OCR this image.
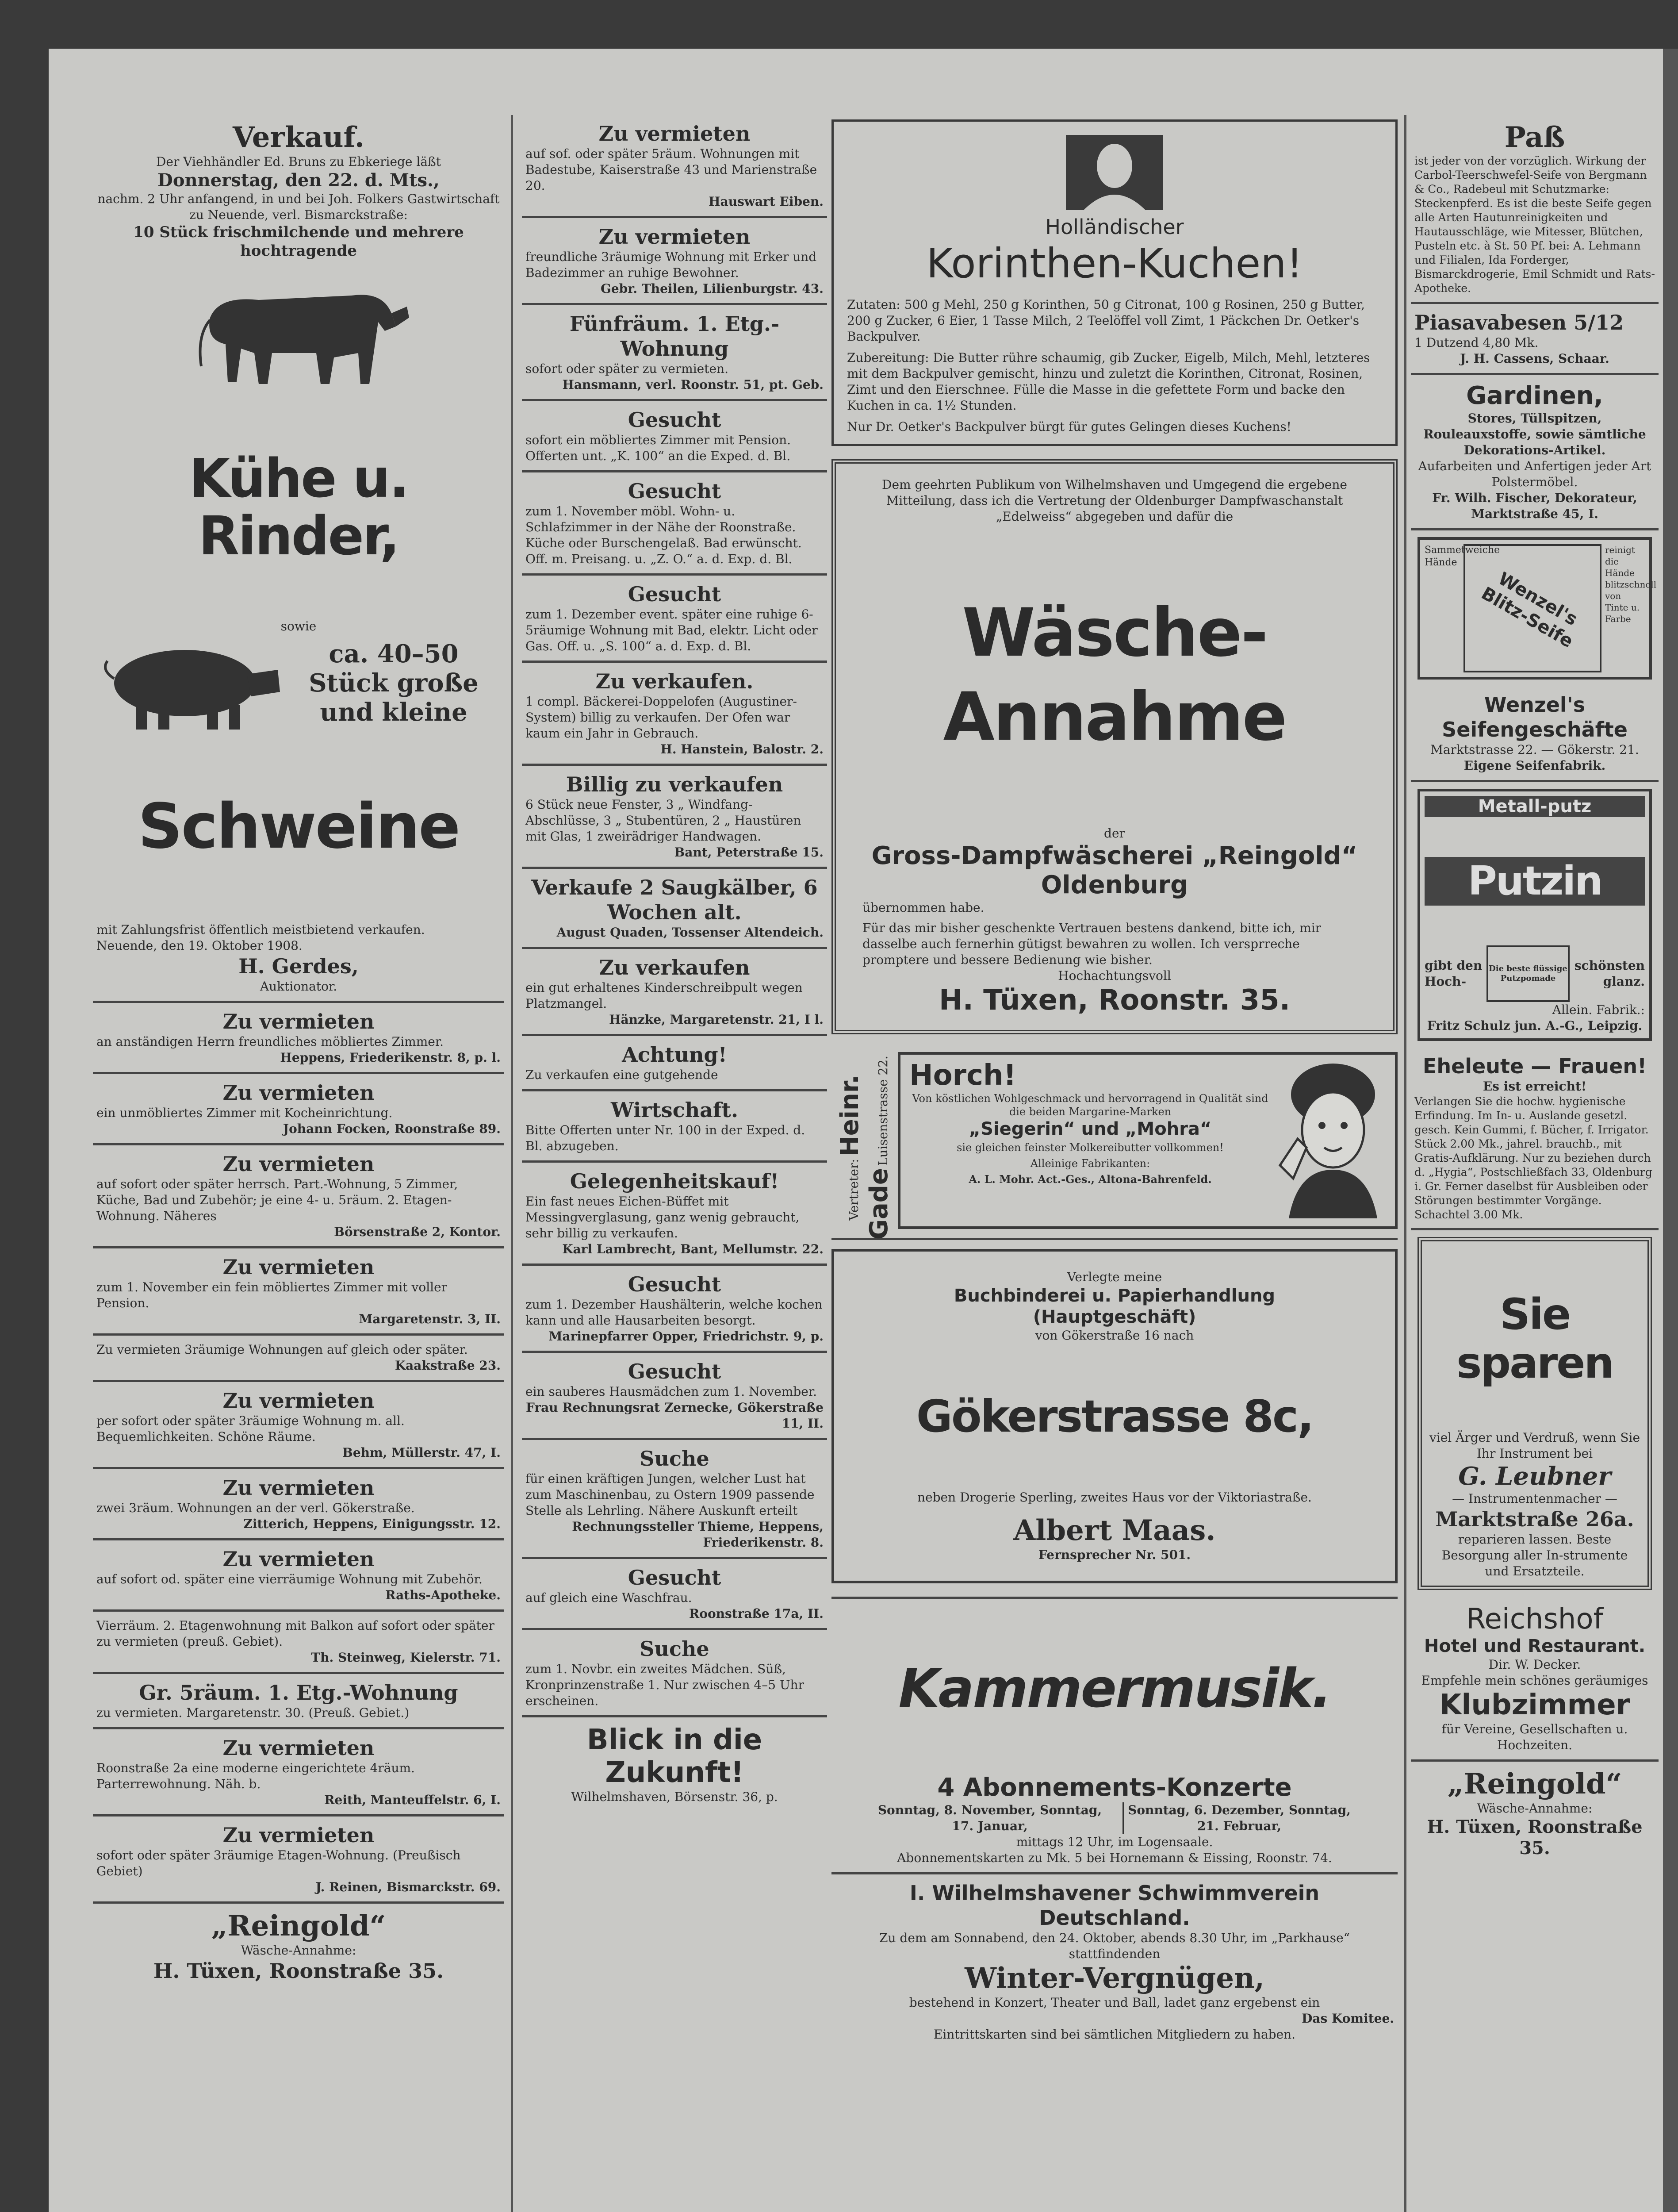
Verkauf.

Der Viehhändler Ed. Bruns zu Ebkeriege läßt

Donnerstag, den 22. d. Mts.,

nachm. 2 Uhr anfangend, in und bei Joh. Folkers Gastwirtschaft zu Neuende, verl. Bismarckstraße:

10 Stück frischmilchende und mehrere hochtragende

Kühe u. Rinder,

sowie

ca. 40–50 Stück große und kleine

Schweine

mit Zahlungsfrist öffentlich meistbietend verkaufen.

Neuende, den 19. Oktober 1908.

H. Gerdes,

Auktionator.

Zu vermieten

an anständigen Herrn freundliches möbliertes Zimmer.

Heppens, Friederikenstr. 8, p. l.

Zu vermieten

ein unmöbliertes Zimmer mit Kocheinrichtung.

Johann Focken, Roonstraße 89.

Zu vermieten

auf sofort oder später herrsch. Part.-Wohnung, 5 Zimmer, Küche, Bad und Zubehör; je eine 4- u. 5räum. 2. Etagen-Wohnung. Näheres

Börsenstraße 2, Kontor.

Zu vermieten

zum 1. November ein fein möbliertes Zimmer mit voller Pension.

Margaretenstr. 3, II.

Zu vermieten 3räumige Wohnungen auf gleich oder später.

Kaakstraße 23.

Zu vermieten

per sofort oder später 3räumige Wohnung m. all. Bequemlichkeiten. Schöne Räume.

Behm, Müllerstr. 47, I.

Zu vermieten

zwei 3räum. Wohnungen an der verl. Gökerstraße.

Zitterich, Heppens, Einigungsstr. 12.

Zu vermieten

auf sofort od. später eine vierräumige Wohnung mit Zubehör.

Raths-Apotheke.

Vierräum. 2. Etagenwohnung mit Balkon auf sofort oder später zu vermieten (preuß. Gebiet).

Th. Steinweg, Kielerstr. 71.

Gr. 5räum. 1. Etg.-Wohnung

zu vermieten. Margaretenstr. 30. (Preuß. Gebiet.)

Zu vermieten

Roonstraße 2a eine moderne eingerichtete 4räum. Parterrewohnung. Näh. b.

Reith, Manteuffelstr. 6, I.

Zu vermieten

sofort oder später 3räumige Etagen-Wohnung. (Preußisch Gebiet)

J. Reinen, Bismarckstr. 69.

„Reingold“

Wäsche-Annahme:

H. Tüxen, Roonstraße 35.

Zu vermieten

auf sof. oder später 5räum. Wohnungen mit Badestube, Kaiserstraße 43 und Marienstraße 20.

Hauswart Eiben.

Zu vermieten

freundliche 3räumige Wohnung mit Erker und Badezimmer an ruhige Bewohner.

Gebr. Theilen, Lilienburgstr. 43.

Fünfräum. 1. Etg.-Wohnung

sofort oder später zu vermieten.

Hansmann, verl. Roonstr. 51, pt. Geb.

Gesucht

sofort ein möbliertes Zimmer mit Pension. Offerten unt. „K. 100“ an die Exped. d. Bl.

Gesucht

zum 1. November möbl. Wohn- u. Schlafzimmer in der Nähe der Roonstraße. Küche oder Burschengelaß. Bad erwünscht. Off. m. Preisang. u. „Z. O.“ a. d. Exp. d. Bl.

Gesucht

zum 1. Dezember event. später eine ruhige 6-5räumige Wohnung mit Bad, elektr. Licht oder Gas. Off. u. „S. 100“ a. d. Exp. d. Bl.

Zu verkaufen.

1 compl. Bäckerei-Doppelofen (Augustiner-System) billig zu verkaufen. Der Ofen war kaum ein Jahr in Gebrauch.

H. Hanstein, Balostr. 2.

Billig zu verkaufen

6 Stück neue Fenster, 3 „ Windfang-Abschlüsse, 3 „ Stubentüren, 2 „ Haustüren mit Glas, 1 zweirädriger Handwagen.

Bant, Peterstraße 15.

Verkaufe 2 Saugkälber, 6 Wochen alt.

August Quaden, Tossenser Altendeich.

Zu verkaufen

ein gut erhaltenes Kinderschreibpult wegen Platzmangel.

Hänzke, Margaretenstr. 21, I l.

Achtung!

Zu verkaufen eine gutgehende

Wirtschaft.

Bitte Offerten unter Nr. 100 in der Exped. d. Bl. abzugeben.

Gelegenheitskauf!

Ein fast neues Eichen-Büffet mit Messingverglasung, ganz wenig gebraucht, sehr billig zu verkaufen.

Karl Lambrecht, Bant, Mellumstr. 22.

Gesucht

zum 1. Dezember Haushälterin, welche kochen kann und alle Hausarbeiten besorgt.

Marinepfarrer Opper, Friedrichstr. 9, p.

Gesucht

ein sauberes Hausmädchen zum 1. November.

Frau Rechnungsrat Zernecke, Gökerstraße 11, II.

Suche

für einen kräftigen Jungen, welcher Lust hat zum Maschinenbau, zu Ostern 1909 passende Stelle als Lehrling. Nähere Auskunft erteilt

Rechnungssteller Thieme, Heppens, Friederikenstr. 8.

Gesucht

auf gleich eine Waschfrau.

Roonstraße 17a, II.

Suche

zum 1. Novbr. ein zweites Mädchen. Süß, Kronprinzenstraße 1. Nur zwischen 4–5 Uhr erscheinen.

Blick in die Zukunft!

Wilhelmshaven, Börsenstr. 36, p.

Holländischer

Korinthen-Kuchen!

Zutaten: 500 g Mehl, 250 g Korinthen, 50 g Citronat, 100 g Rosinen, 250 g Butter, 200 g Zucker, 6 Eier, 1 Tasse Milch, 2 Teelöffel voll Zimt, 1 Päckchen Dr. Oetker's Backpulver.

Zubereitung: Die Butter rühre schaumig, gib Zucker, Eigelb, Milch, Mehl, letzteres mit dem Backpulver gemischt, hinzu und zuletzt die Korinthen, Citronat, Rosinen, Zimt und den Eierschnee. Fülle die Masse in die gefettete Form und backe den Kuchen in ca. 1½ Stunden.

Nur Dr. Oetker's Backpulver bürgt für gutes Gelingen dieses Kuchens!

Dem geehrten Publikum von Wilhelmshaven und Umgegend die ergebene Mitteilung, dass ich die Vertretung der Oldenburger Dampfwaschanstalt „Edelweiss“ abgegeben und dafür die

Wäsche-Annahme

der

Gross-Dampfwäscherei „Reingold“ Oldenburg

übernommen habe.

Für das mir bisher geschenkte Vertrauen bestens dankend, bitte ich, mir dasselbe auch fernerhin gütigst bewahren zu wollen. Ich versprreche promptere und bessere Bedienung wie bisher.

Hochachtungsvoll

H. Tüxen, Roonstr. 35.

Vertreter: Heinr. Gade Luisenstrasse 22. Horch!

Von köstlichen Wohlgeschmack und hervorragend in Qualität sind die beiden Margarine-Marken

„Siegerin“ und „Mohra“

sie gleichen feinster Molkereibutter vollkommen!

Alleinige Fabrikanten:

A. L. Mohr. Act.-Ges., Altona-Bahrenfeld.

Verlegte meine

Buchbinderei u. Papierhandlung (Hauptgeschäft)

von Gökerstraße 16 nach

Gökerstrasse 8c,

neben Drogerie Sperling, zweites Haus vor der Viktoriastraße.

Albert Maas.

Fernsprecher Nr. 501.

Kammermusik.

4 Abonnements-Konzerte

Sonntag, 8. November, Sonntag, 17. Januar,

Sonntag, 6. Dezember, Sonntag, 21. Februar,

mittags 12 Uhr, im Logensaale.

Abonnementskarten zu Mk. 5 bei Hornemann & Eissing, Roonstr. 74.

I. Wilhelmshavener Schwimmverein Deutschland.

Zu dem am Sonnabend, den 24. Oktober, abends 8.30 Uhr, im „Parkhause“ stattfindenden

Winter-Vergnügen,

bestehend in Konzert, Theater und Ball, ladet ganz ergebenst ein

Das Komitee.

Eintrittskarten sind bei sämtlichen Mitgliedern zu haben.

Paß

ist jeder von der vorzüglich. Wirkung der Carbol-Teerschwefel-Seife von Bergmann & Co., Radebeul mit Schutzmarke: Steckenpferd. Es ist die beste Seife gegen alle Arten Hautunreinigkeiten und Hautausschläge, wie Mitesser, Blütchen, Pusteln etc. à St. 50 Pf. bei: A. Lehmann und Filialen, Ida Forderger, Bismarckdrogerie, Emil Schmidt und Rats-Apotheke.

Piasavabesen 5/12

1 Dutzend 4,80 Mk.

J. H. Cassens, Schaar.

Gardinen,

Stores, Tüllspitzen, Rouleauxstoffe, sowie sämtliche Dekorations-Artikel.

Aufarbeiten und Anfertigen jeder Art Polstermöbel.

Fr. Wilh. Fischer, Dekorateur, Marktstraße 45, I.

Sammetweiche Hände

Wenzel's Blitz-Seife

reinigt die Hände blitzschnell von Tinte u. Farbe

Wenzel's Seifengeschäfte

Marktstrasse 22. — Gökerstr. 21.

Eigene Seifenfabrik.

Metall-putz

Putzin

gibt den Hoch-

Die beste flüssige Putzpomade

schönsten glanz.

Allein. Fabrik.:

Fritz Schulz jun. A.-G., Leipzig.

Eheleute — Frauen!

Es ist erreicht!

Verlangen Sie die hochw. hygienische Erfindung. Im In- u. Auslande gesetzl. gesch. Kein Gummi, f. Bücher, f. Irrigator. Stück 2.00 Mk., jahrel. brauchb., mit Gratis-Aufklärung. Nur zu beziehen durch d. „Hygia“, Postschließfach 33, Oldenburg i. Gr. Ferner daselbst für Ausbleiben oder Störungen bestimmter Vorgänge. Schachtel 3.00 Mk.

Sie sparen

viel Ärger und Verdruß, wenn Sie Ihr Instrument bei

G. Leubner

— Instrumentenmacher —

Marktstraße 26a.

reparieren lassen. Beste Besorgung aller In-strumente und Ersatzteile.

Reichshof

Hotel und Restaurant.

Dir. W. Decker.

Empfehle mein schönes geräumiges

Klubzimmer

für Vereine, Gesellschaften u. Hochzeiten.

„Reingold“

Wäsche-Annahme:

H. Tüxen, Roonstraße 35.
